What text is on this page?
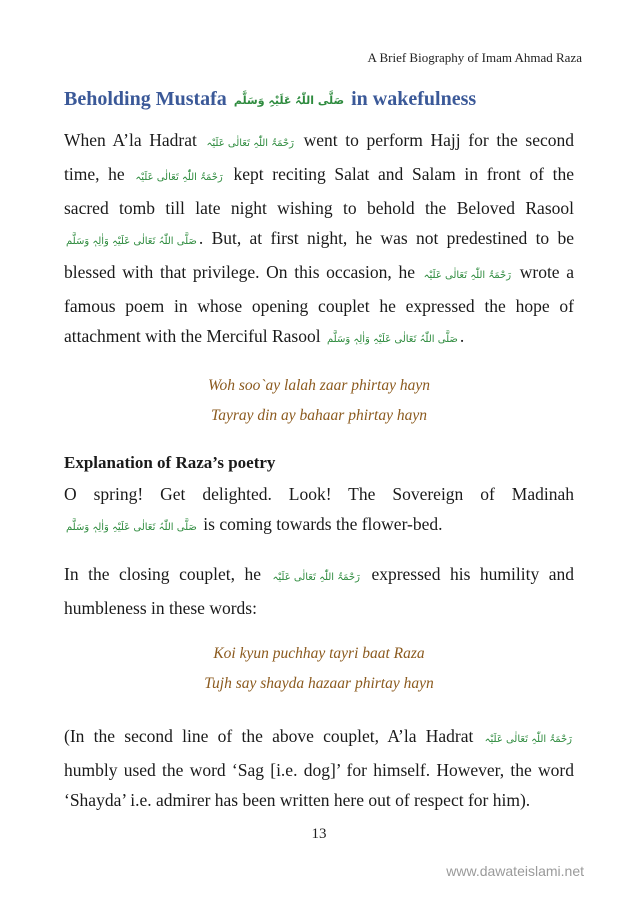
A Brief Biography of Imam Ahmad Raza
Beholding Mustafa صَلَّی اللّٰہُ عَلَیْہِ وَسَلَّم in wakefulness

When A’la Hadrat رَحْمَۃُ اللّٰہِ تَعَالٰی عَلَیْہ went to perform Hajj for the second time, he رَحْمَۃُ اللّٰہِ تَعَالٰی عَلَیْہ kept reciting Salat and Salam in front of the sacred tomb till late night wishing to behold the Beloved Rasool صَلَّی اللّٰہُ تَعَالٰی عَلَیْہِ وَاٰلِہٖ وَسَلَّم . But, at first night, he was not predestined to be blessed with that privilege. On this occasion, he رَحْمَۃُ اللّٰہِ تَعَالٰی عَلَیْہ wrote a famous poem in whose opening couplet he expressed the hope of attachment with the Merciful Rasool صَلَّی اللّٰہُ تَعَالٰی عَلَیْہِ وَاٰلِہٖ وَسَلَّم .

Woh soo`ay lalah zaar phirtay hayn
Tayray din ay bahaar phirtay hayn
Explanation of Raza’s poetry

O spring! Get delighted. Look! The Sovereign of Madinah صَلَّی اللّٰہُ تَعَالٰی عَلَیْہِ وَاٰلِہٖ وَسَلَّم is coming towards the flower-bed.

In the closing couplet, he رَحْمَۃُ اللّٰہِ تَعَالٰی عَلَیْہ expressed his humility and humbleness in these words:

Koi kyun puchhay tayri baat Raza
Tujh say shayda hazaar phirtay hayn

(In the second line of the above couplet, A’la Hadrat رَحْمَۃُ اللّٰہِ تَعَالٰی عَلَیْہ humbly used the word ‘Sag [i.e. dog]’ for himself. However, the word ‘Shayda’ i.e. admirer has been written here out of respect for him).

13
www.dawateislami.net
